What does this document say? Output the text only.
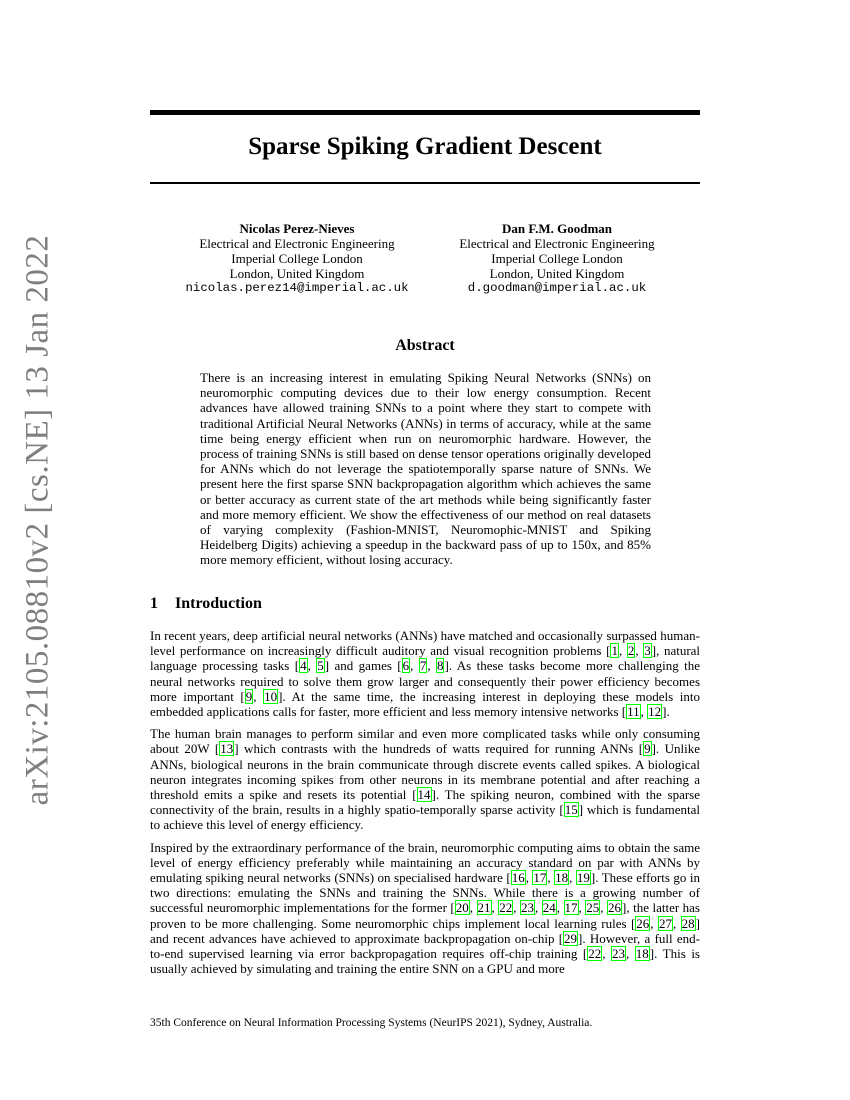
arXiv:2105.08810v2 [cs.NE] 13 Jan 2022
Sparse Spiking Gradient Descent
Nicolas Perez-Nieves
Electrical and Electronic Engineering
Imperial College London
London, United Kingdom
nicolas.perez14@imperial.ac.uk
Dan F.M. Goodman
Electrical and Electronic Engineering
Imperial College London
London, United Kingdom
d.goodman@imperial.ac.uk
Abstract
There is an increasing interest in emulating Spiking Neural Networks (SNNs) on neuromorphic computing devices due to their low energy consumption. Recent advances have allowed training SNNs to a point where they start to compete with traditional Artificial Neural Networks (ANNs) in terms of accuracy, while at the same time being energy efficient when run on neuromorphic hardware. However, the process of training SNNs is still based on dense tensor operations originally developed for ANNs which do not leverage the spatiotemporally sparse nature of SNNs. We present here the first sparse SNN backpropagation algorithm which achieves the same or better accuracy as current state of the art methods while being significantly faster and more memory efficient. We show the effectiveness of our method on real datasets of varying complexity (Fashion-MNIST, Neuromophic-MNIST and Spiking Heidelberg Digits) achieving a speedup in the backward pass of up to 150x, and 85% more memory efficient, without losing accuracy.
1 Introduction

In recent years, deep artificial neural networks (ANNs) have matched and occasionally surpassed human-level performance on increasingly difficult auditory and visual recognition problems [1, 2, 3], natural language processing tasks [4, 5] and games [6, 7, 8]. As these tasks become more challenging the neural networks required to solve them grow larger and consequently their power efficiency becomes more important [9, 10]. At the same time, the increasing interest in deploying these models into embedded applications calls for faster, more efficient and less memory intensive networks [11, 12].

The human brain manages to perform similar and even more complicated tasks while only consuming about 20W [13] which contrasts with the hundreds of watts required for running ANNs [9]. Unlike ANNs, biological neurons in the brain communicate through discrete events called spikes. A biological neuron integrates incoming spikes from other neurons in its membrane potential and after reaching a threshold emits a spike and resets its potential [14]. The spiking neuron, combined with the sparse connectivity of the brain, results in a highly spatio-temporally sparse activity [15] which is fundamental to achieve this level of energy efficiency.

Inspired by the extraordinary performance of the brain, neuromorphic computing aims to obtain the same level of energy efficiency preferably while maintaining an accuracy standard on par with ANNs by emulating spiking neural networks (SNNs) on specialised hardware [16, 17, 18, 19]. These efforts go in two directions: emulating the SNNs and training the SNNs. While there is a growing number of successful neuromorphic implementations for the former [20, 21, 22, 23, 24, 17, 25, 26], the latter has proven to be more challenging. Some neuromorphic chips implement local learning rules [26, 27, 28] and recent advances have achieved to approximate backpropagation on-chip [29]. However, a full end-to-end supervised learning via error backpropagation requires off-chip training [22, 23, 18]. This is usually achieved by simulating and training the entire SNN on a GPU and more

35th Conference on Neural Information Processing Systems (NeurIPS 2021), Sydney, Australia.
